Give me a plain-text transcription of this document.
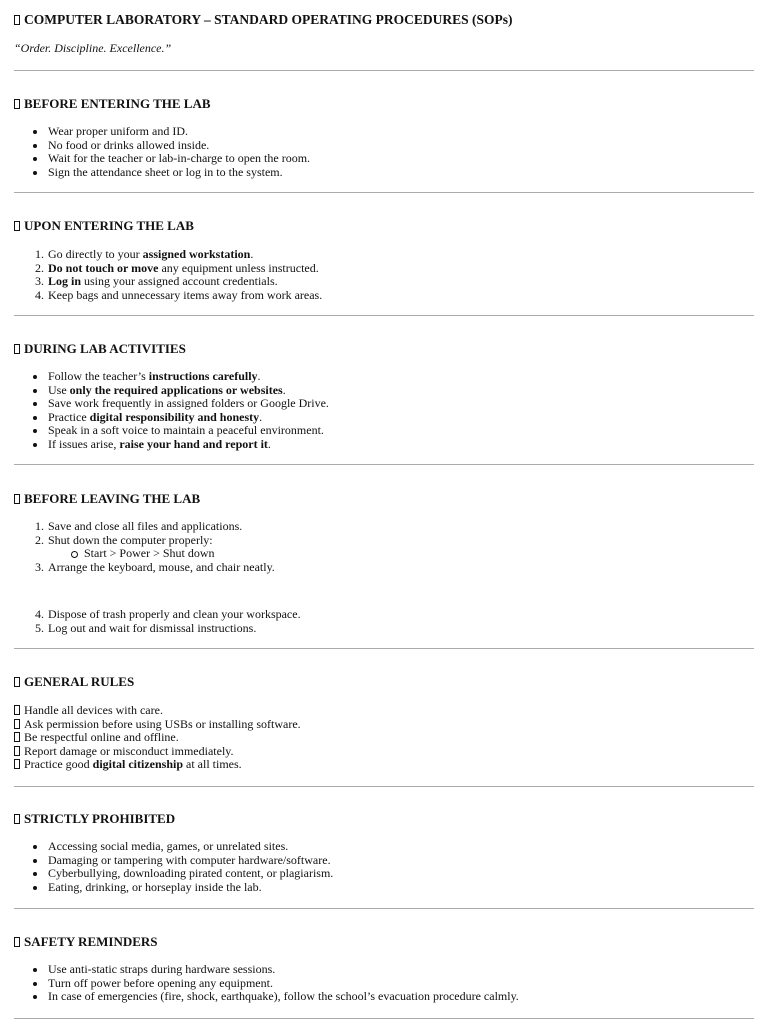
COMPUTER LABORATORY – STANDARD OPERATING PROCEDURES (SOPs)
“Order. Discipline. Excellence.”
BEFORE ENTERING THE LAB
Wear proper uniform and ID.
No food or drinks allowed inside.
Wait for the teacher or lab-in-charge to open the room.
Sign the attendance sheet or log in to the system.
UPON ENTERING THE LAB
1. Go directly to your assigned workstation.
2. Do not touch or move any equipment unless instructed.
3. Log in using your assigned account credentials.
4. Keep bags and unnecessary items away from work areas.
DURING LAB ACTIVITIES
Follow the teacher’s instructions carefully.
Use only the required applications or websites.
Save work frequently in assigned folders or Google Drive.
Practice digital responsibility and honesty.
Speak in a soft voice to maintain a peaceful environment.
If issues arise, raise your hand and report it.
BEFORE LEAVING THE LAB
1. Save and close all files and applications.
2. Shut down the computer properly:
Start > Power > Shut down
3. Arrange the keyboard, mouse, and chair neatly.
4. Dispose of trash properly and clean your workspace.
5. Log out and wait for dismissal instructions.
GENERAL RULES
Handle all devices with care.
Ask permission before using USBs or installing software.
Be respectful online and offline.
Report damage or misconduct immediately.
Practice good digital citizenship at all times.
STRICTLY PROHIBITED
Accessing social media, games, or unrelated sites.
Damaging or tampering with computer hardware/software.
Cyberbullying, downloading pirated content, or plagiarism.
Eating, drinking, or horseplay inside the lab.
SAFETY REMINDERS
Use anti-static straps during hardware sessions.
Turn off power before opening any equipment.
In case of emergencies (fire, shock, earthquake), follow the school’s evacuation procedure calmly.
